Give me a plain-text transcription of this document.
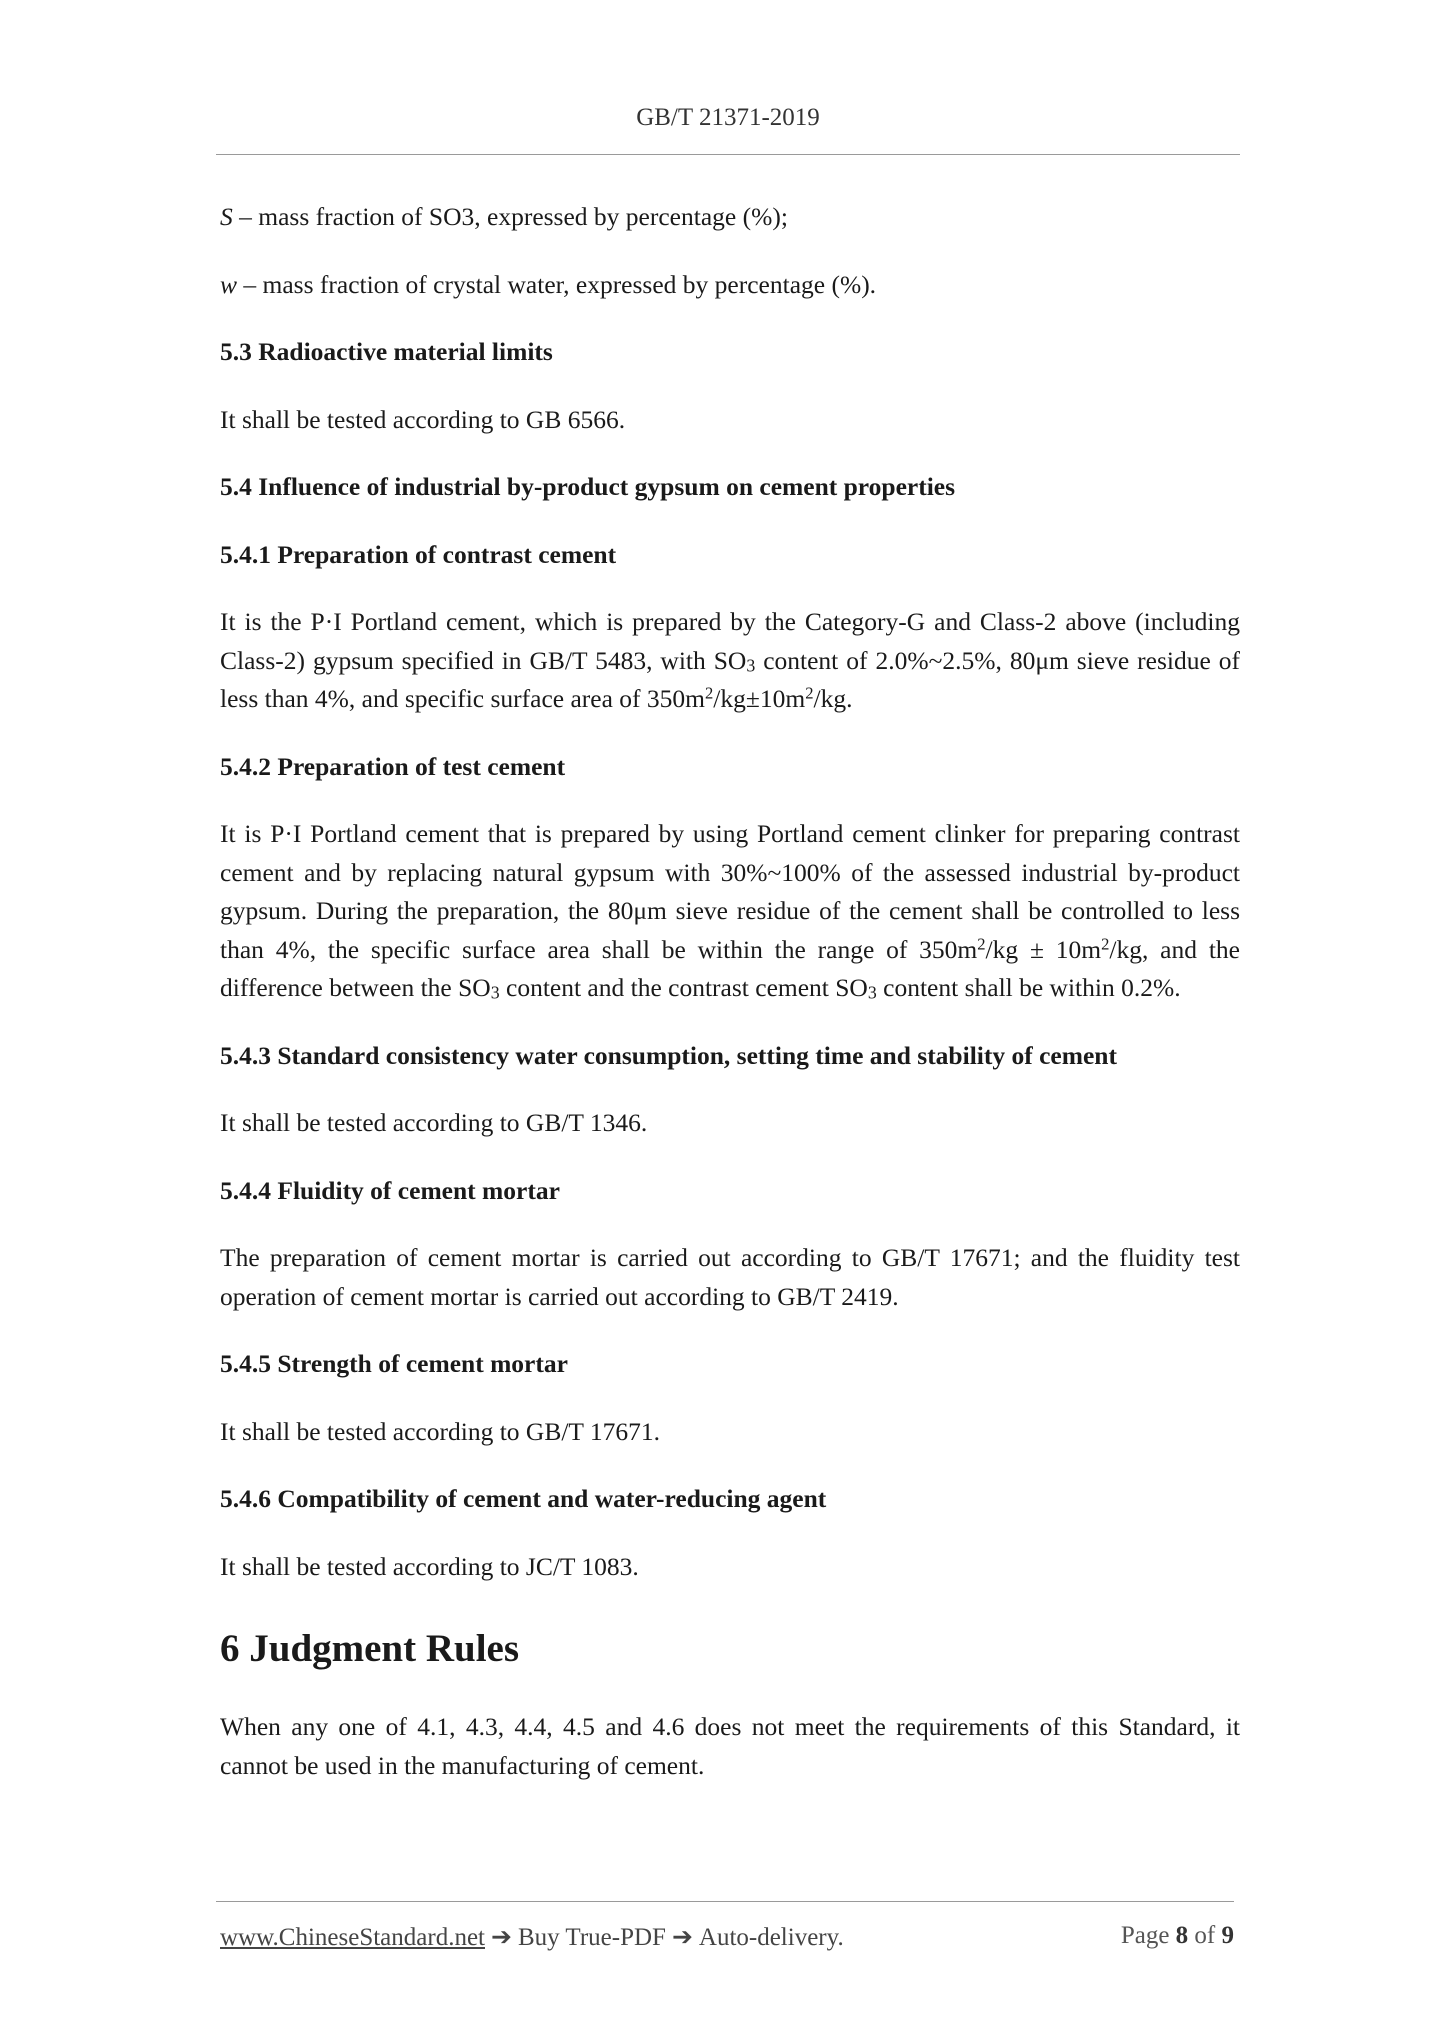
GB/T 21371-2019

S – mass fraction of SO3, expressed by percentage (%);

w – mass fraction of crystal water, expressed by percentage (%).

5.3 Radioactive material limits

It shall be tested according to GB 6566.

5.4 Influence of industrial by-product gypsum on cement properties
5.4.1 Preparation of contrast cement

It is the P·I Portland cement, which is prepared by the Category-G and Class-2 above (including Class-2) gypsum specified in GB/T 5483, with $SO_3$ content of 2.0%~2.5%, 80μm sieve residue of less than 4%, and specific surface area of $350m^2/kg\pm 10m^2/kg$.

5.4.2 Preparation of test cement

It is P·I Portland cement that is prepared by using Portland cement clinker for preparing contrast cement and by replacing natural gypsum with 30%~100% of the assessed industrial by-product gypsum. During the preparation, the 80μm sieve residue of the cement shall be controlled to less than 4%, the specific surface area shall be within the range of $350m^2/kg \pm 10m^2/kg$, and the difference between the $SO_3$ content and the contrast cement $SO_3$ content shall be within 0.2%.

5.4.3 Standard consistency water consumption, setting time and stability of cement

It shall be tested according to GB/T 1346.

5.4.4 Fluidity of cement mortar

The preparation of cement mortar is carried out according to GB/T 17671; and the fluidity test operation of cement mortar is carried out according to GB/T 2419.

5.4.5 Strength of cement mortar

It shall be tested according to GB/T 17671.

5.4.6 Compatibility of cement and water-reducing agent

It shall be tested according to JC/T 1083.

6 Judgment Rules

When any one of 4.1, 4.3, 4.4, 4.5 and 4.6 does not meet the requirements of this Standard, it cannot be used in the manufacturing of cement.

www.ChineseStandard.net ➔ Buy True-PDF ➔ Auto-delivery.	Page 8 of 9
